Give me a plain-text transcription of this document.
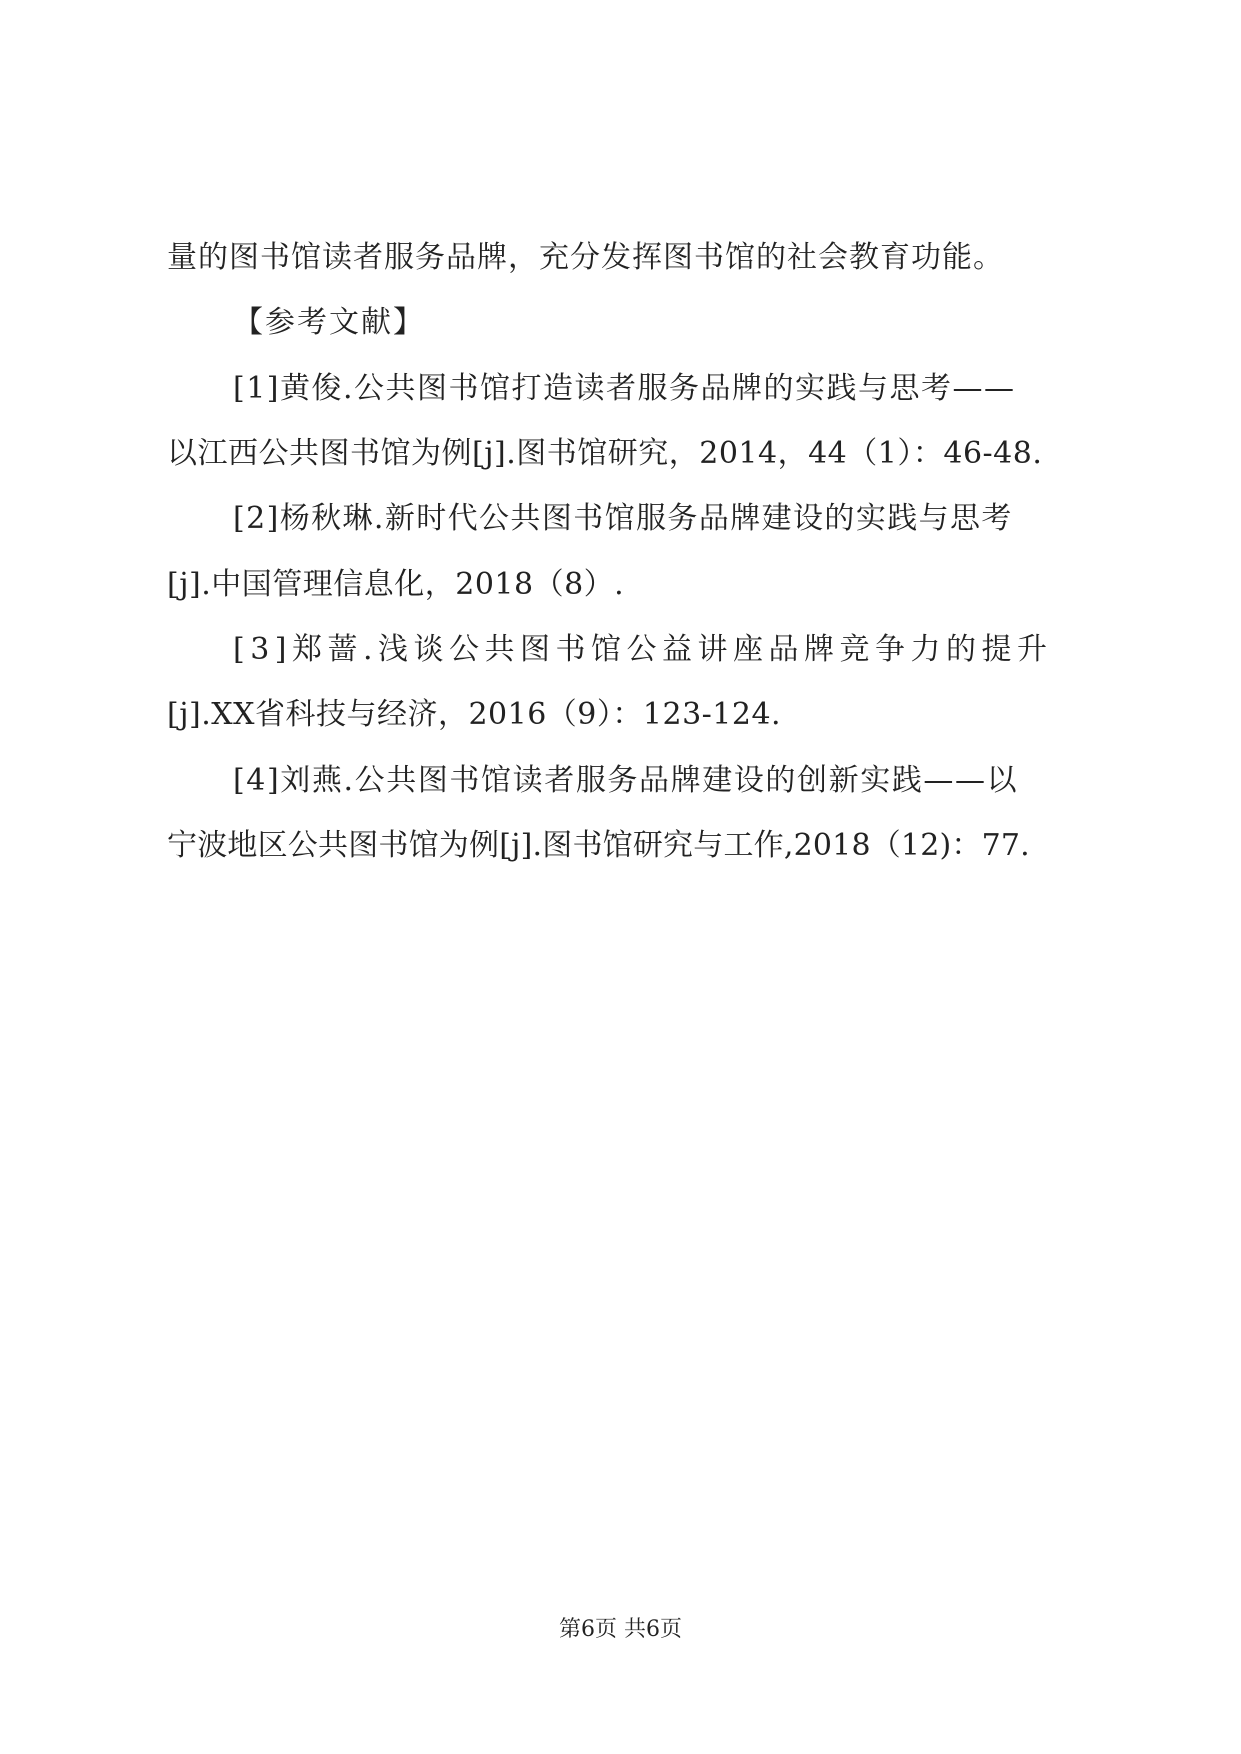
量的图书馆读者服务品牌，充分发挥图书馆的社会教育功能。
【参考文献】
[1]黄俊.公共图书馆打造读者服务品牌的实践与思考——
以江西公共图书馆为例[j].图书馆研究，2014，44（1）：46-48.
[2]杨秋琳.新时代公共图书馆服务品牌建设的实践与思考
[j].中国管理信息化，2018（8）.
[3]郑蔷.浅谈公共图书馆公益讲座品牌竞争力的提升
[j].XX省科技与经济，2016（9）：123-124.
[4]刘燕.公共图书馆读者服务品牌建设的创新实践——以
宁波地区公共图书馆为例[j].图书馆研究与工作,2018（12)：77.
第6页 共6页
